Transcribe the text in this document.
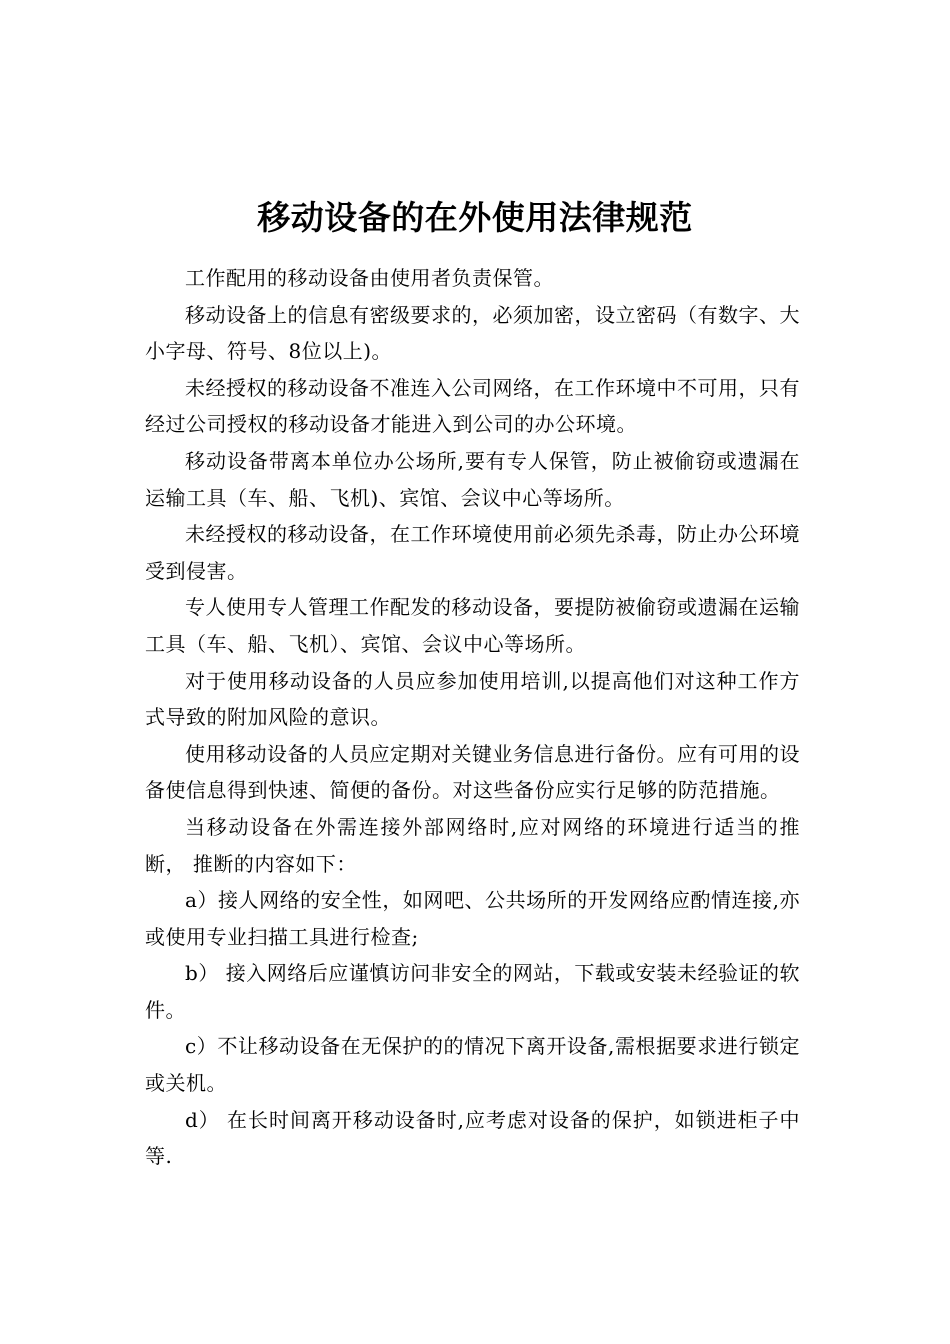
移动设备的在外使用法律规范

工作配用的移动设备由使用者负责保管。

移动设备上的信息有密级要求的，必须加密，设立密码（有数字、大小字母、符号、8位以上)。

未经授权的移动设备不准连入公司网络，在工作环境中不可用，只有经过公司授权的移动设备才能进入到公司的办公环境。

移动设备带离本单位办公场所,要有专人保管，防止被偷窃或遗漏在运输工具（车、船、飞机)、宾馆、会议中心等场所。

未经授权的移动设备，在工作环境使用前必须先杀毒，防止办公环境受到侵害。

专人使用专人管理工作配发的移动设备，要提防被偷窃或遗漏在运输工具（车、船、飞机）、宾馆、会议中心等场所。

对于使用移动设备的人员应参加使用培训,以提高他们对这种工作方式导致的附加风险的意识。

使用移动设备的人员应定期对关键业务信息进行备份。应有可用的设备使信息得到快速、简便的备份。对这些备份应实行足够的防范措施。

当移动设备在外需连接外部网络时,应对网络的环境进行适当的推断， 推断的内容如下：

a）接人网络的安全性，如网吧、公共场所的开发网络应酌情连接,亦或使用专业扫描工具进行检查;

b） 接入网络后应谨慎访问非安全的网站，下载或安装未经验证的软件。

c）不让移动设备在无保护的的情况下离开设备,需根据要求进行锁定或关机。

d） 在长时间离开移动设备时,应考虑对设备的保护，如锁进柜子中等.
